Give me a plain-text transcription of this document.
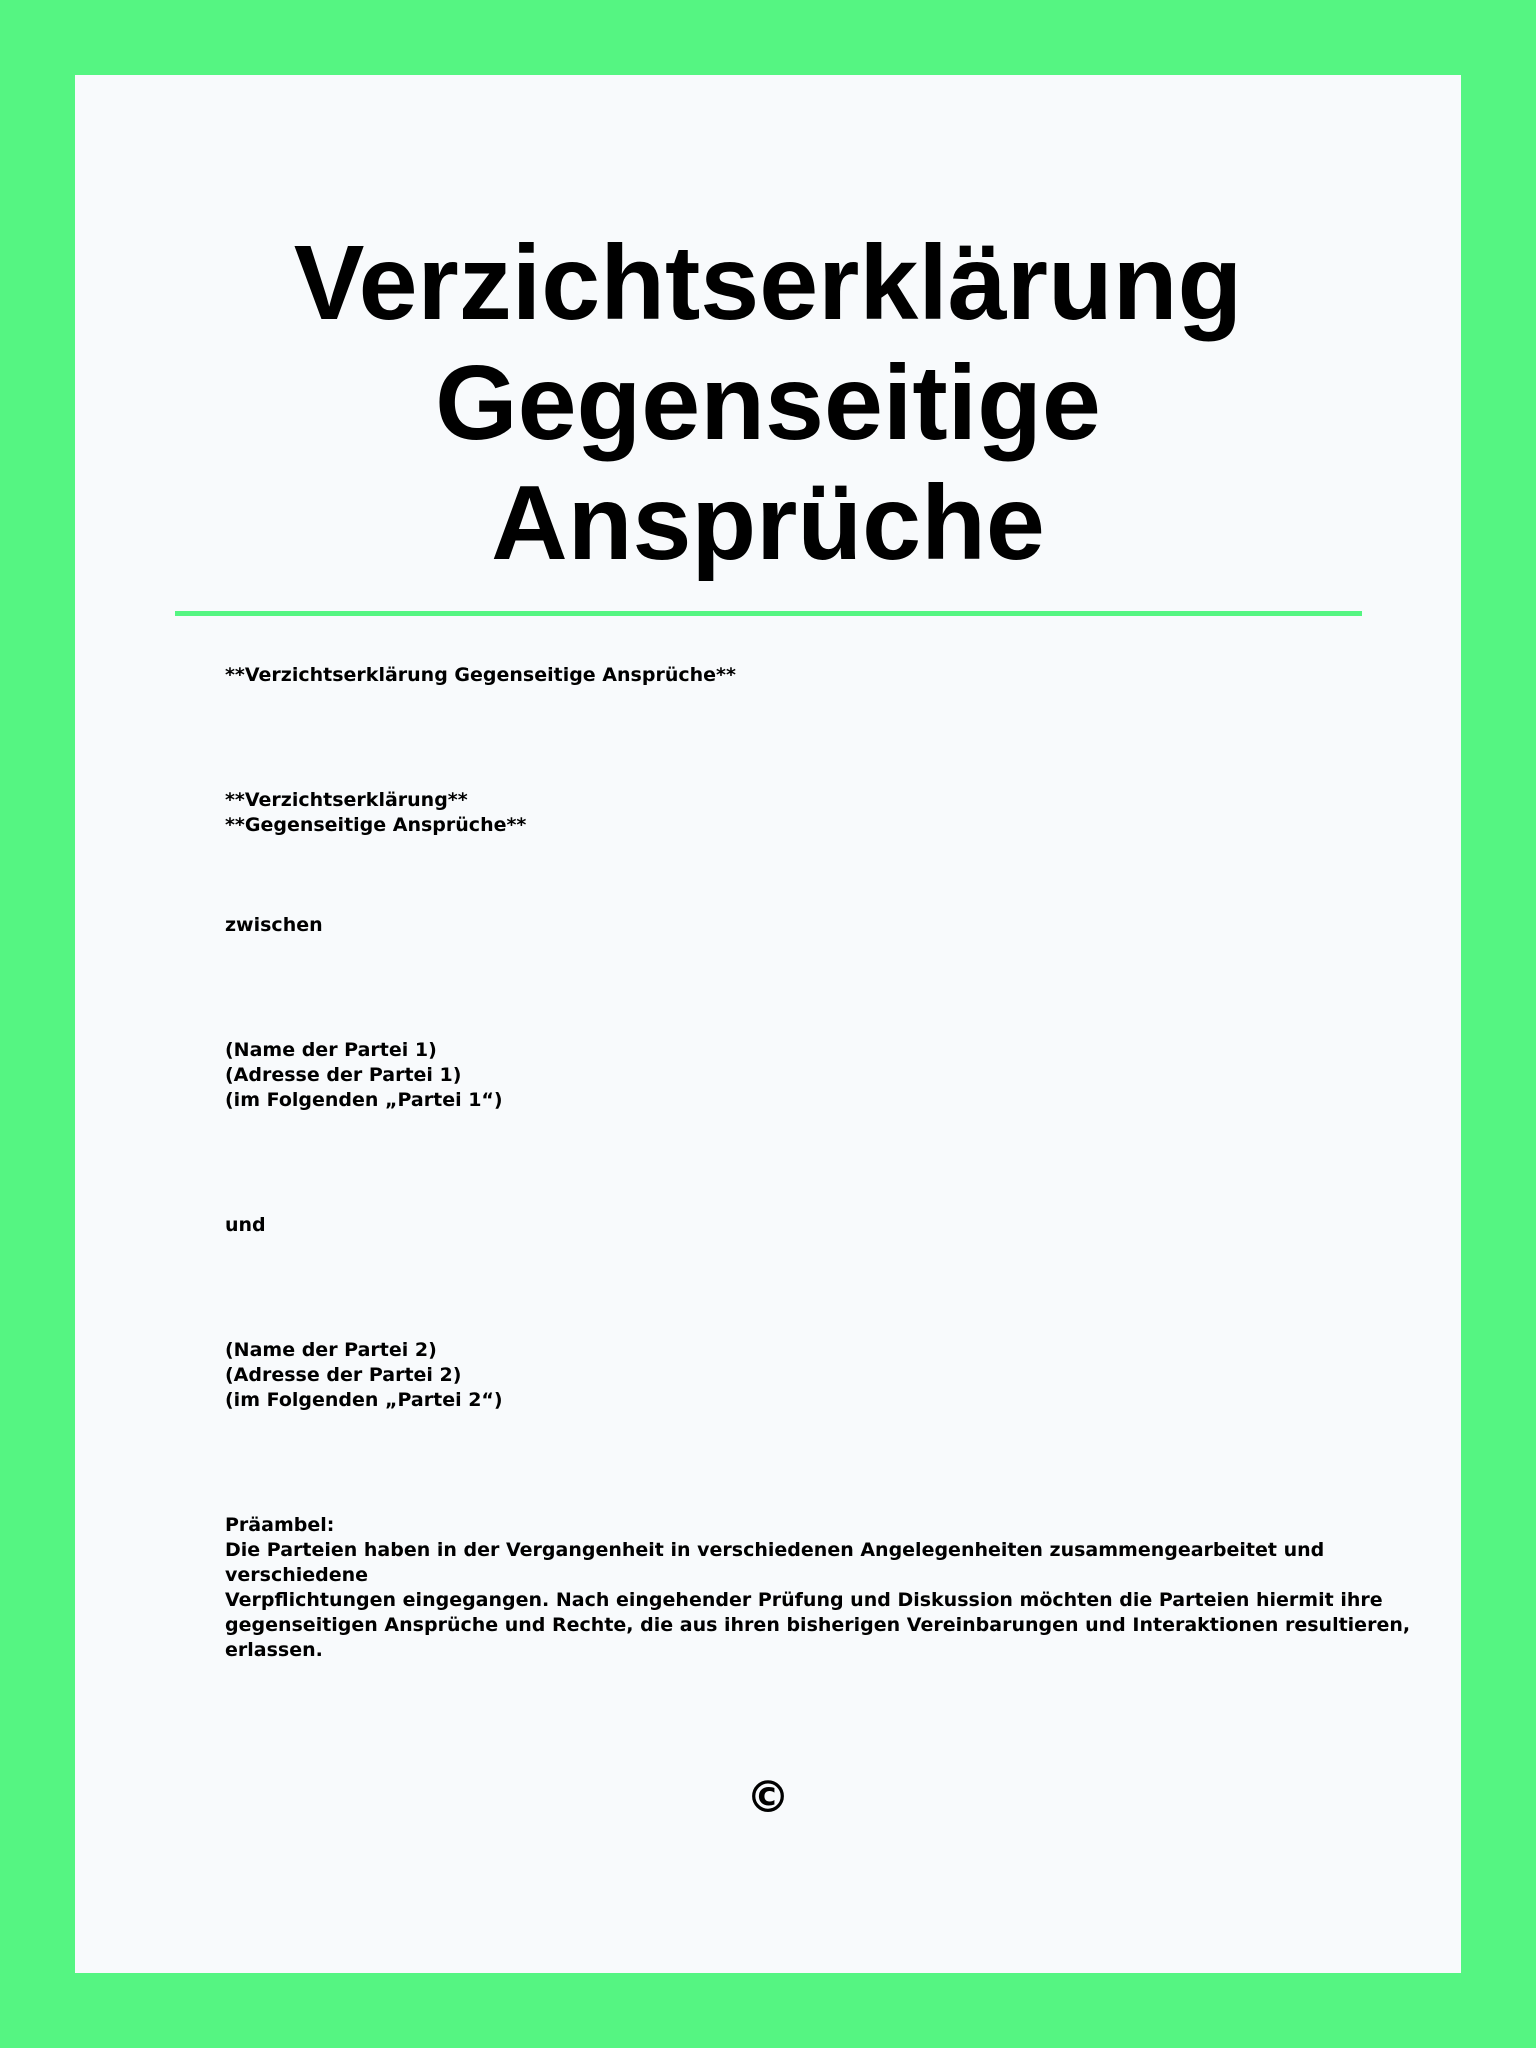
Verzichtserklärung
Gegenseitige
Ansprüche

**Verzichtserklärung Gegenseitige Ansprüche**

**Verzichtserklärung**
**Gegenseitige Ansprüche**

zwischen

(Name der Partei 1)
(Adresse der Partei 1)
(im Folgenden „Partei 1“)

und

(Name der Partei 2)
(Adresse der Partei 2)
(im Folgenden „Partei 2“)

Präambel:
Die Parteien haben in der Vergangenheit in verschiedenen Angelegenheiten zusammengearbeitet und verschiedene
Verpflichtungen eingegangen. Nach eingehender Prüfung und Diskussion möchten die Parteien hiermit ihre
gegenseitigen Ansprüche und Rechte, die aus ihren bisherigen Vereinbarungen und Interaktionen resultieren,
erlassen.

©
